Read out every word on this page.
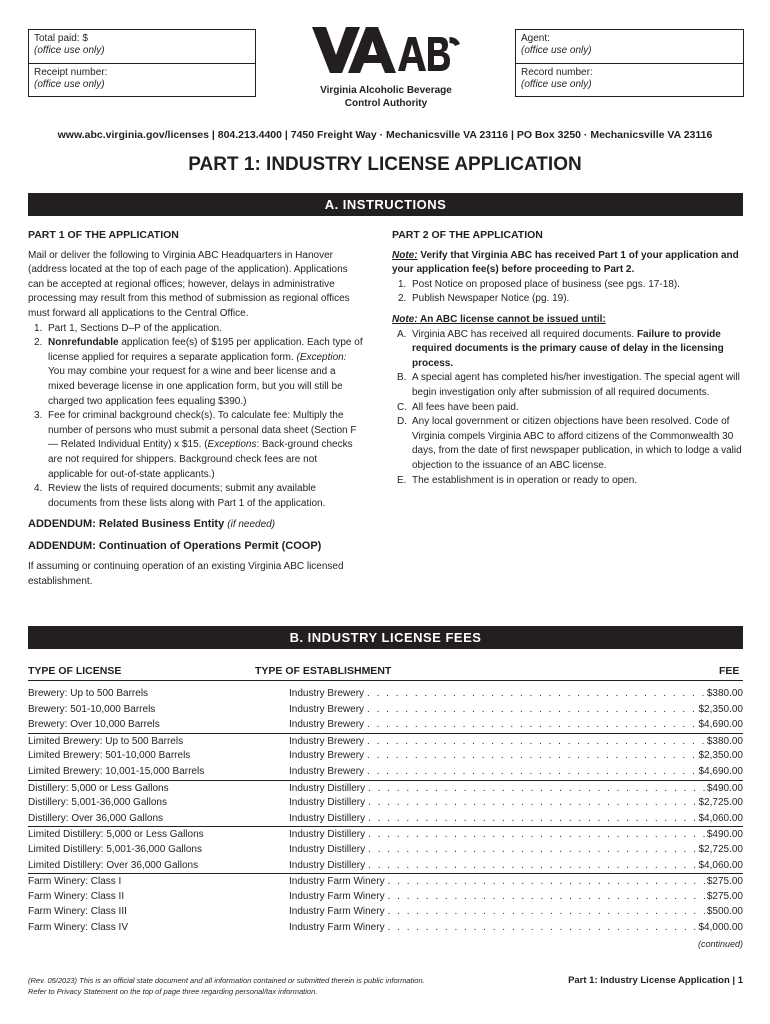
Total paid: $
(office use only)
Receipt number:
(office use only)
Virginia Alcoholic Beverage
Control Authority
Agent:
(office use only)
Record number:
(office use only)
www.abc.virginia.gov/licenses | 804.213.4400 | 7450 Freight Way · Mechanicsville VA 23116 | PO Box 3250 · Mechanicsville VA 23116
PART 1: INDUSTRY LICENSE APPLICATION
A. INSTRUCTIONS
PART 1 OF THE APPLICATION

Mail or deliver the following to Virginia ABC Headquarters in Hanover (address located at the top of each page of the application). Applications can be accepted at regional offices; however, delays in administrative processing may result from this method of submission as regional offices must forward all applications to the Central Office.

1. Part 1, Sections D–P of the application.
2. Nonrefundable application fee(s) of $195 per application. Each type of license applied for requires a separate application form. (Exception: You may combine your request for a wine and beer license and a mixed beverage license in one application form, but you will still be charged two application fees equaling $390.)
3. Fee for criminal background check(s). To calculate fee: Multiply the number of persons who must submit a personal data sheet (Section F — Related Individual Entity) x $15. (Exceptions: Back-ground checks are not required for shippers. Background check fees are not applicable for out-of-state applicants.)
4. Review the lists of required documents; submit any available documents from these lists along with Part 1 of the application.
ADDENDUM: Related Business Entity (if needed)
ADDENDUM: Continuation of Operations Permit (COOP)
If assuming or continuing operation of an existing Virginia ABC licensed establishment.
PART 2 OF THE APPLICATION

Note: Verify that Virginia ABC has received Part 1 of your application and your application fee(s) before proceeding to Part 2.

1. Post Notice on proposed place of business (see pgs. 17-18).
2. Publish Newspaper Notice (pg. 19).

Note: An ABC license cannot be issued until:

A. Virginia ABC has received all required documents. Failure to provide required documents is the primary cause of delay in the licensing process.
B. A special agent has completed his/her investigation. The special agent will begin investigation only after submission of all required documents.
C. All fees have been paid.
D. Any local government or citizen objections have been resolved. Code of Virginia compels Virginia ABC to afford citizens of the Commonwealth 30 days, from the date of first newspaper publication, in which to lodge a valid objection to the issuance of an ABC license.
E. The establishment is in operation or ready to open.
B. INDUSTRY LICENSE FEES
TYPE OF LICENSE	TYPE OF ESTABLISHMENT	FEE
Brewery: Up to 500 Barrels	Industry Brewery . . .	$380.00
Brewery: 501-10,000 Barrels	Industry Brewery . . .	$2,350.00
Brewery: Over 10,000 Barrels	Industry Brewery . . .	$4,690.00
Limited Brewery: Up to 500 Barrels	Industry Brewery . . .	$380.00
Limited Brewery: 501-10,000 Barrels	Industry Brewery . . .	$2,350.00
Limited Brewery: 10,001-15,000 Barrels	Industry Brewery . . .	$4,690.00
Distillery: 5,000 or Less Gallons	Industry Distillery . . .	$490.00
Distillery: 5,001-36,000 Gallons	Industry Distillery . . .	$2,725.00
Distillery: Over 36,000 Gallons	Industry Distillery . . .	$4,060.00
Limited Distillery: 5,000 or Less Gallons	Industry Distillery . . .	$490.00
Limited Distillery: 5,001-36,000 Gallons	Industry Distillery . . .	$2,725.00
Limited Distillery: Over 36,000 Gallons	Industry Distillery . . .	$4,060.00
Farm Winery: Class I	Industry Farm Winery . . .	$275.00
Farm Winery: Class II	Industry Farm Winery . . .	$275.00
Farm Winery: Class III	Industry Farm Winery . . .	$500.00
Farm Winery: Class IV	Industry Farm Winery . . .	$4,000.00
(continued)
(Rev. 05/2023) This is an official state document and all information contained or submitted therein is public information.
Refer to Privacy Statement on the top of page three regarding personal/tax information.
Part 1: Industry License Application | 1
